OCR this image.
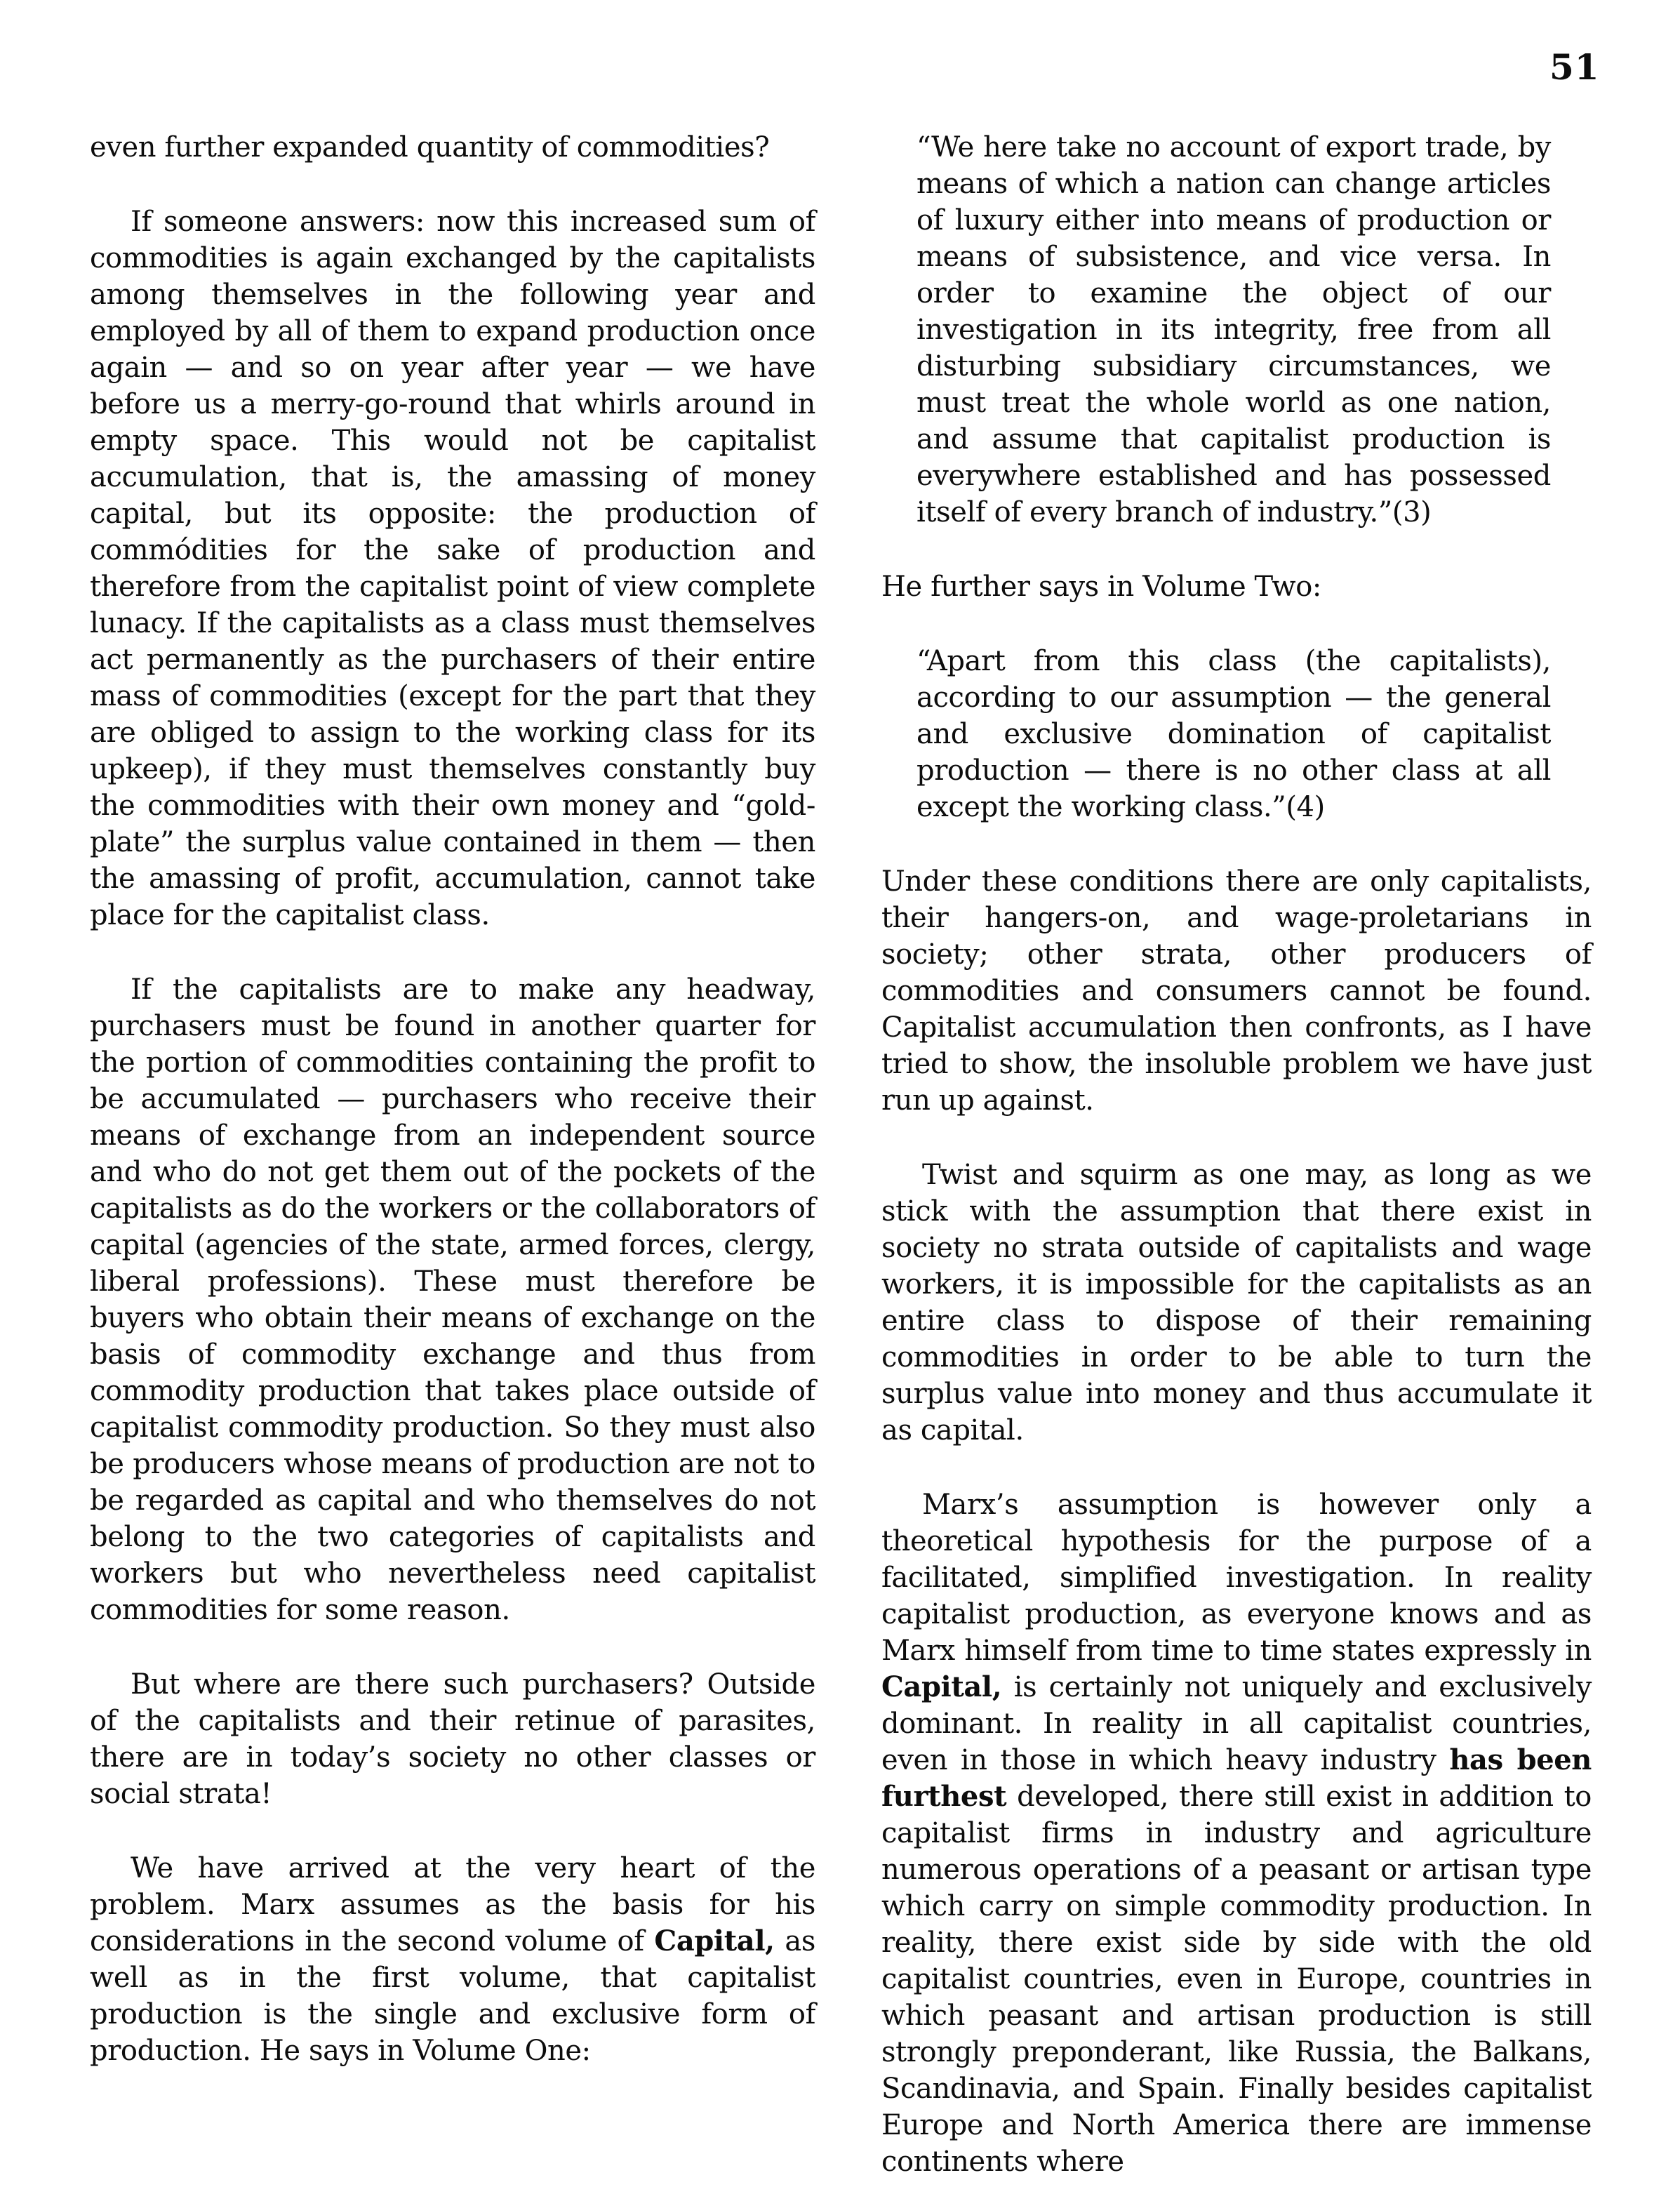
51

even further expanded quantity of commodities?

If someone answers: now this increased sum of commodities is again exchanged by the capitalists among themselves in the following year and employed by all of them to expand production once again — and so on year after year — we have before us a merry-go-round that whirls around in empty space. This would not be capitalist accumulation, that is, the amassing of money capital, but its opposite: the production of commódities for the sake of production and therefore from the capitalist point of view complete lunacy. If the capitalists as a class must themselves act permanently as the purchasers of their entire mass of commodities (except for the part that they are obliged to assign to the working class for its upkeep), if they must themselves constantly buy the commodities with their own money and “gold-plate” the surplus value contained in them — then the amassing of profit, accumulation, cannot take place for the capitalist class.

If the capitalists are to make any headway, purchasers must be found in another quarter for the portion of commodities containing the profit to be accumulated — purchasers who receive their means of exchange from an independent source and who do not get them out of the pockets of the capitalists as do the workers or the collaborators of capital (agencies of the state, armed forces, clergy, liberal professions). These must therefore be buyers who obtain their means of exchange on the basis of commodity exchange and thus from commodity production that takes place outside of capitalist commodity production. So they must also be producers whose means of production are not to be regarded as capital and who themselves do not belong to the two categories of capitalists and workers but who nevertheless need capitalist commodities for some reason.

But where are there such purchasers? Outside of the capitalists and their retinue of parasites, there are in today’s society no other classes or social strata!

We have arrived at the very heart of the problem. Marx assumes as the basis for his considerations in the second volume of Capital, as well as in the first volume, that capitalist production is the single and exclusive form of production. He says in Volume One:

“We here take no account of export trade, by means of which a nation can change articles of luxury either into means of production or means of subsistence, and vice versa. In order to examine the object of our investigation in its integrity, free from all disturbing subsidiary circumstances, we must treat the whole world as one nation, and assume that capitalist production is everywhere established and has possessed itself of every branch of industry.”(3)

He further says in Volume Two:

“Apart from this class (the capitalists), according to our assumption — the general and exclusive domination of capitalist production — there is no other class at all except the working class.”(4)

Under these conditions there are only capitalists, their hangers-on, and wage-proletarians in society; other strata, other producers of commodities and consumers cannot be found. Capitalist accumulation then confronts, as I have tried to show, the insoluble problem we have just run up against.

Twist and squirm as one may, as long as we stick with the assumption that there exist in society no strata outside of capitalists and wage workers, it is impossible for the capitalists as an entire class to dispose of their remaining commodities in order to be able to turn the surplus value into money and thus accumulate it as capital.

Marx’s assumption is however only a theoretical hypothesis for the purpose of a facilitated, simplified investigation. In reality capitalist production, as everyone knows and as Marx himself from time to time states expressly in Capital, is certainly not uniquely and exclusively dominant. In reality in all capitalist countries, even in those in which heavy industry has been furthest developed, there still exist in addition to capitalist firms in industry and agriculture numerous operations of a peasant or artisan type which carry on simple commodity production. In reality, there exist side by side with the old capitalist countries, even in Europe, countries in which peasant and artisan production is still strongly preponderant, like Russia, the Balkans, Scandinavia, and Spain. Finally besides capitalist Europe and North America there are immense continents where
